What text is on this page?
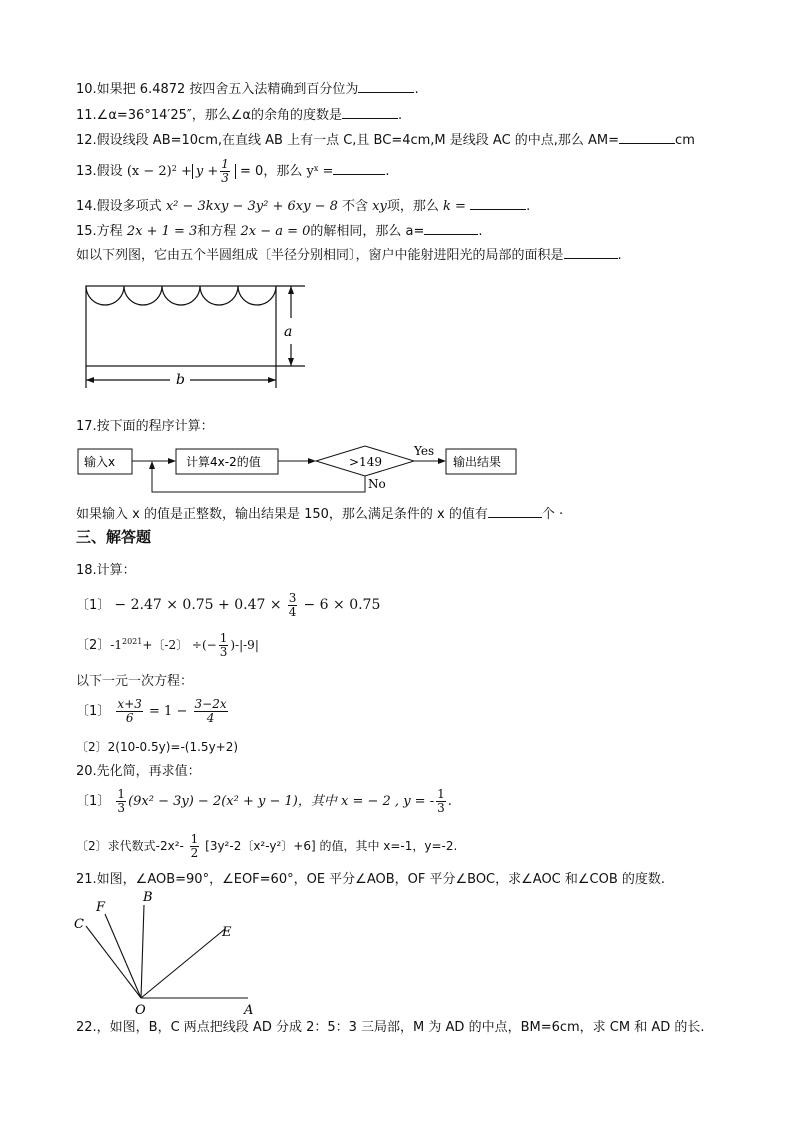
10.如果把 6.4872 按四舍五入法精确到百分位为	.
11.∠α=36°14′25″，那么∠α的余角的度数是	.
12.假设线段 AB=10cm,在直线 AB 上有一点 C,且 BC=4cm,M 是线段 AC 的中点,那么 AM=	cm
13.假设 $(x - 2)^2 + y + \frac{1}{3} = 0$，那么 $y^x$ =	.
14.假设多项式 x² − 3kxy − 3y² + 6xy − 8 不含 xy项，那么 k =	.
15.方程 2x + 1 = 3和方程 2x − a = 0的解相同，那么 a=	.
如以下列图，它由五个半圆组成〔半径分别相同〕，窗户中能射进阳光的局部的面积是	.
a
b
17.按下面的程序计算：
输入x	计算4x-2的值	>149
Yes
No
输出结果
如果输入 x 的值是正整数，输出结果是 150，那么满足条件的 x 的值有	个 ·
三、解答题
18.计算：
〔1〕 − $2.47 \times 0.75 + 0.47 \times \frac{3}{4} - 6 \times 0.75$
〔2〕$-1^{2021}+$〔-2〕 ÷(− $\frac{1}{3} )-|-9|$
以下一元一次方程：
〔1〕 $\frac{x+3}{6} = 1 - \frac{3-2x}{4}$
〔2〕2(10-0.5y)=-(1.5y+2)
20.先化简，再求值：
〔1〕 $\frac{1}{3} (9x^2 - 3y) - 2(x^2 + y - 1)$，其中 x = − 2 , y = - $\frac{1}{3}$ .
〔2〕求代数式$-2x^2- \frac{1}{2} [3y^2-2$〔x²-y²〕+6] 的值，其中 x=-1，y=-2.
21.如图，∠AOB=90°，∠EOF=60°，OE 平分∠AOB，OF 平分∠BOC，求∠AOC 和∠COB 的度数.
A
B
C
E
F
O
22.，如图，B，C 两点把线段 AD 分成 2：5：3 三局部，M 为 AD 的中点，BM=6cm，求 CM 和 AD 的长.
